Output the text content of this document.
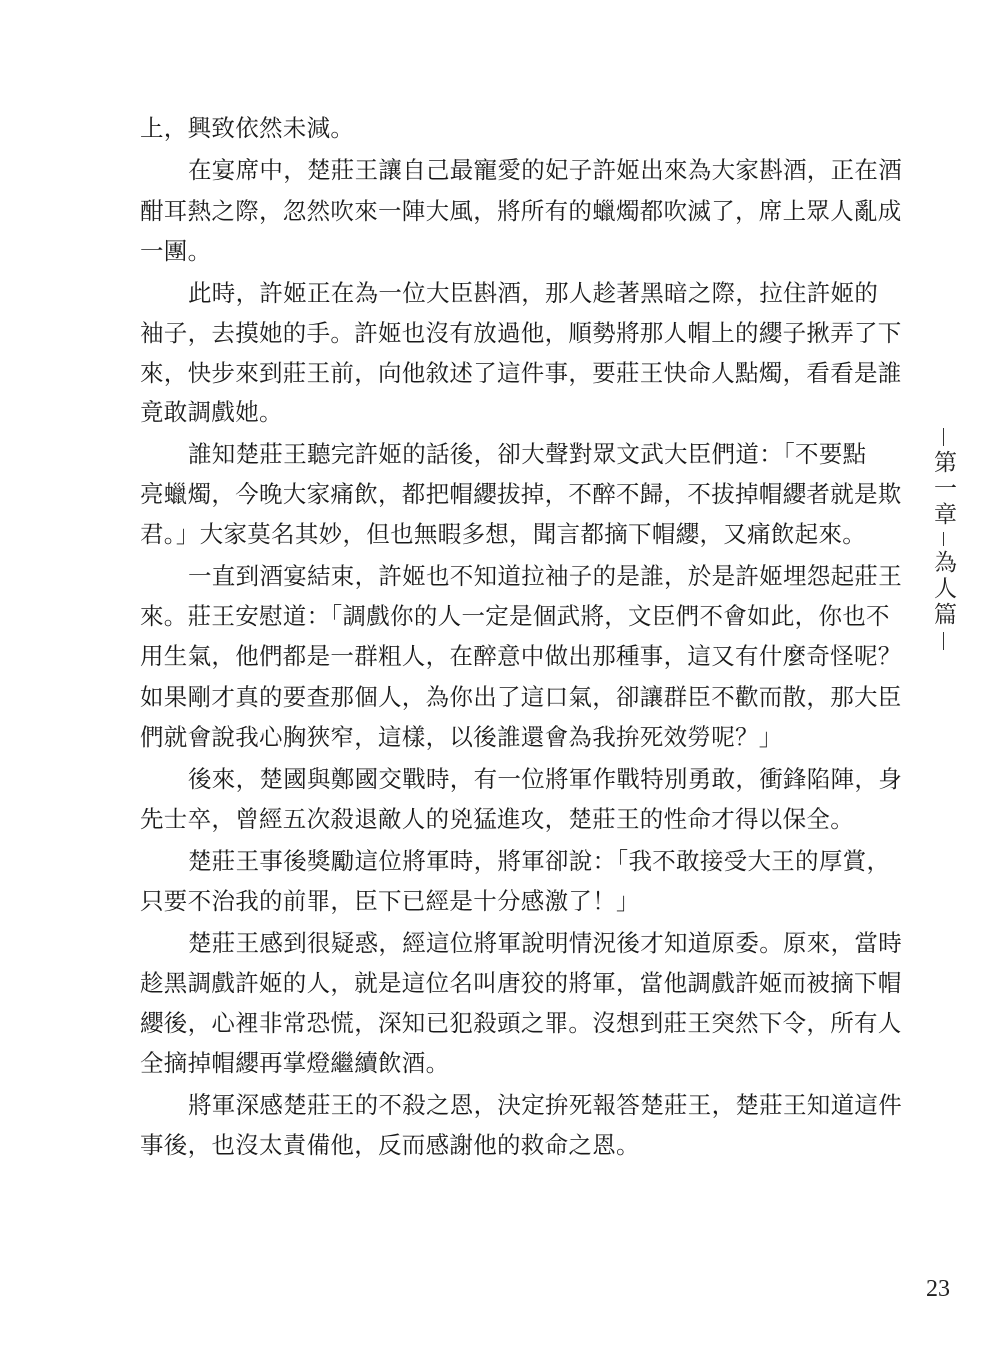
上，興致依然未減。
在宴席中，楚莊王讓自己最寵愛的妃子許姬出來為大家斟酒，正在酒
酣耳熱之際，忽然吹來一陣大風，將所有的蠟燭都吹滅了，席上眾人亂成
一團。
此時，許姬正在為一位大臣斟酒，那人趁著黑暗之際，拉住許姬的
袖子，去摸她的手。許姬也沒有放過他，順勢將那人帽上的纓子揪弄了下
來，快步來到莊王前，向他敘述了這件事，要莊王快命人點燭，看看是誰
竟敢調戲她。
誰知楚莊王聽完許姬的話後，卻大聲對眾文武大臣們道：「不要點
亮蠟燭，今晚大家痛飲，都把帽纓拔掉，不醉不歸，不拔掉帽纓者就是欺
君。」大家莫名其妙，但也無暇多想，聞言都摘下帽纓，又痛飲起來。
一直到酒宴結束，許姬也不知道拉袖子的是誰，於是許姬埋怨起莊王
來。莊王安慰道：「調戲你的人一定是個武將，文臣們不會如此，你也不
用生氣，他們都是一群粗人，在醉意中做出那種事，這又有什麼奇怪呢？
如果剛才真的要查那個人，為你出了這口氣，卻讓群臣不歡而散，那大臣
們就會說我心胸狹窄，這樣，以後誰還會為我拚死效勞呢？」
後來，楚國與鄭國交戰時，有一位將軍作戰特別勇敢，衝鋒陷陣，身
先士卒，曾經五次殺退敵人的兇猛進攻，楚莊王的性命才得以保全。
楚莊王事後獎勵這位將軍時，將軍卻說：「我不敢接受大王的厚賞，
只要不治我的前罪，臣下已經是十分感激了！」
楚莊王感到很疑惑，經這位將軍說明情況後才知道原委。原來，當時
趁黑調戲許姬的人，就是這位名叫唐狡的將軍，當他調戲許姬而被摘下帽
纓後，心裡非常恐慌，深知已犯殺頭之罪。沒想到莊王突然下令，所有人
全摘掉帽纓再掌燈繼續飲酒。
將軍深感楚莊王的不殺之恩，決定拚死報答楚莊王，楚莊王知道這件
事後，也沒太責備他，反而感謝他的救命之恩。
第一章
為人篇
23
